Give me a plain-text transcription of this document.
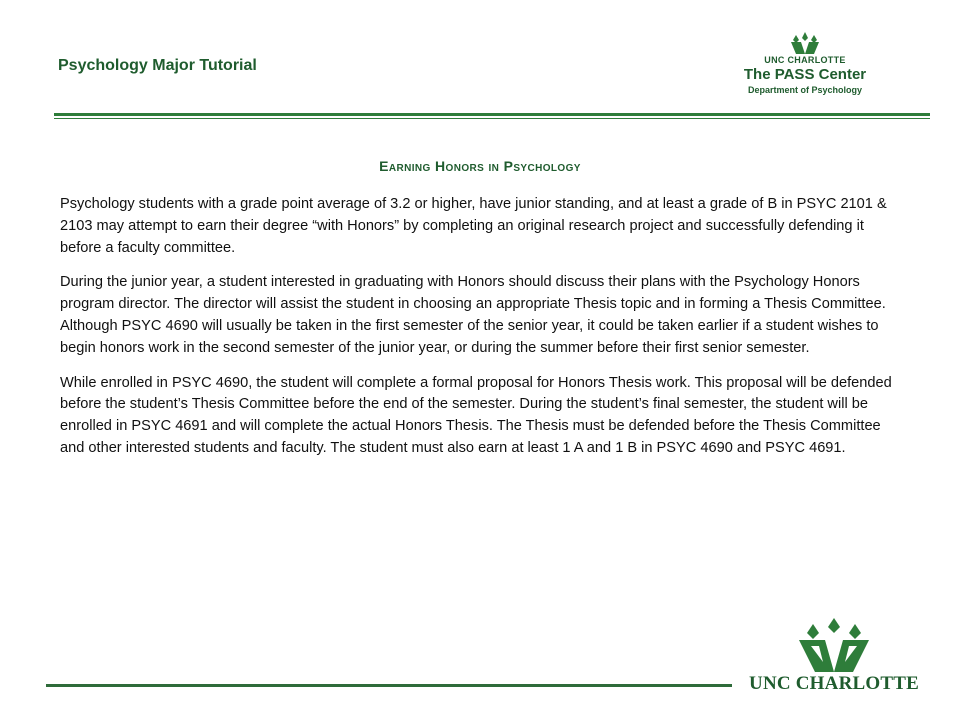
Psychology Major Tutorial	UNC CHARLOTTE
The PASS Center
Department of Psychology
Earning Honors in Psychology

Psychology students with a grade point average of 3.2 or higher, have junior standing, and at least a grade of B in PSYC 2101 & 2103 may attempt to earn their degree “with Honors” by completing an original research project and successfully defending it before a faculty committee.

During the junior year, a student interested in graduating with Honors should discuss their plans with the Psychology Honors program director. The director will assist the student in choosing an appropriate Thesis topic and in forming a Thesis Committee. Although PSYC 4690 will usually be taken in the first semester of the senior year, it could be taken earlier if a student wishes to begin honors work in the second semester of the junior year, or during the summer before their first senior semester.

While enrolled in PSYC 4690, the student will complete a formal proposal for Honors Thesis work. This proposal will be defended before the student’s Thesis Committee before the end of the semester. During the student’s final semester, the student will be enrolled in PSYC 4691 and will complete the actual Honors Thesis. The Thesis must be defended before the Thesis Committee and other interested students and faculty. The student must also earn at least 1 A and 1 B in PSYC 4690 and PSYC 4691.

UNC CHARLOTTE
